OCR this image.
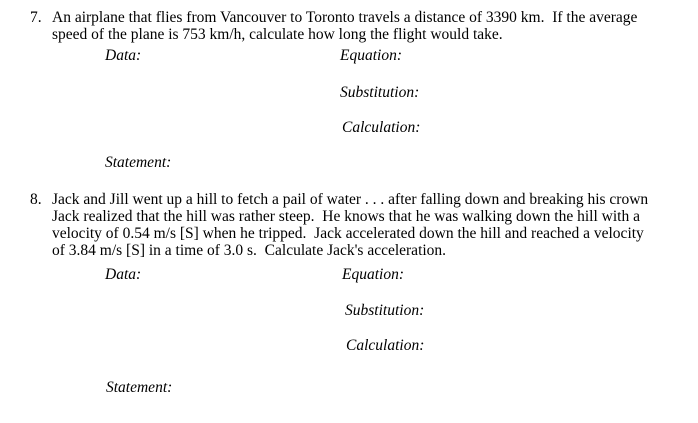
7. An airplane that flies from Vancouver to Toronto travels a distance of 3390 km.  If the average
speed of the plane is 753 km/h, calculate how long the flight would take.
Data:	Equation:
Substitution:
Calculation:
Statement:
8. Jack and Jill went up a hill to fetch a pail of water . . . after falling down and breaking his crown
Jack realized that the hill was rather steep.  He knows that he was walking down the hill with a
velocity of 0.54 m/s [S] when he tripped.  Jack accelerated down the hill and reached a velocity
of 3.84 m/s [S] in a time of 3.0 s.  Calculate Jack's acceleration.
Data:	Equation:
Substitution:
Calculation:
Statement:
